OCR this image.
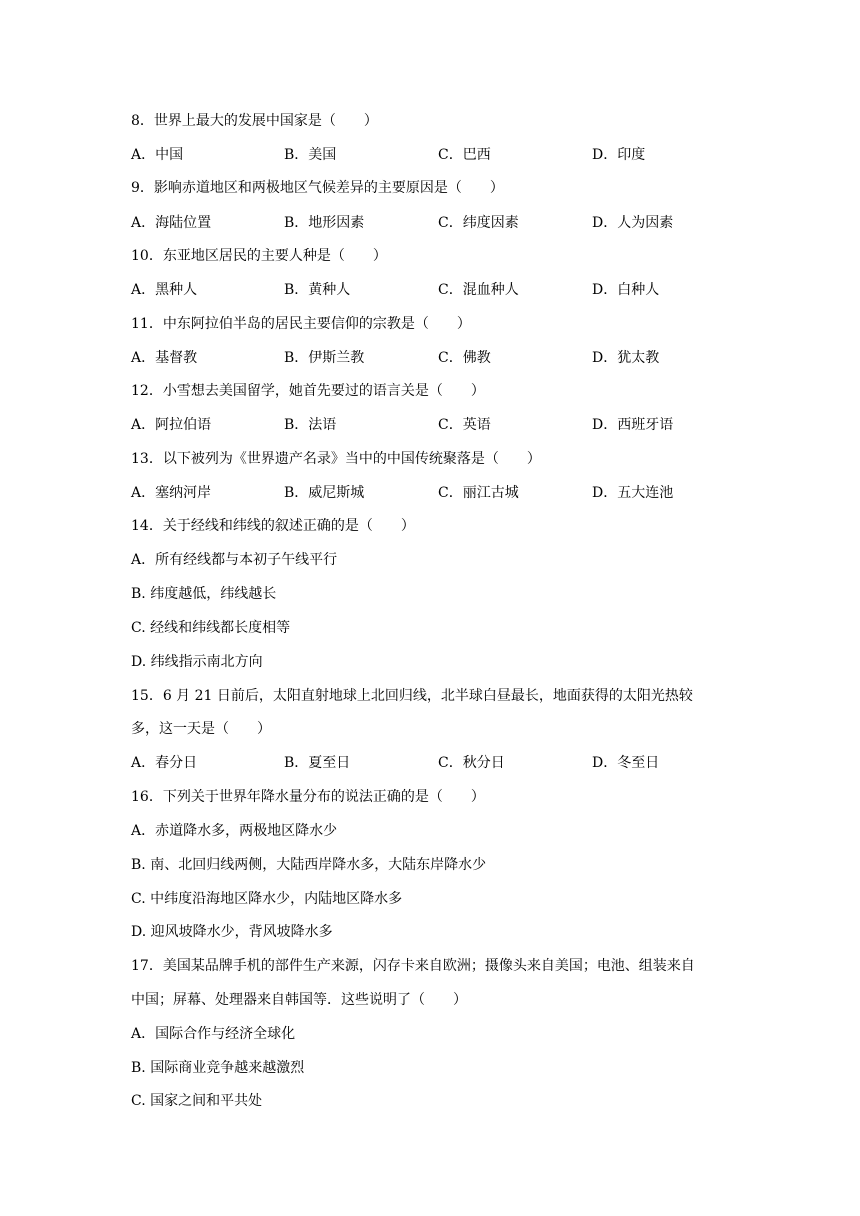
8．世界上最大的发展中国家是（　　）
A．中国	B．美国	C．巴西	D．印度
9．影响赤道地区和两极地区气候差异的主要原因是（　　）
A．海陆位置	B．地形因素	C．纬度因素	D．人为因素
10．东亚地区居民的主要人种是（　　）
A．黑种人	B．黄种人	C．混血种人	D．白种人
11．中东阿拉伯半岛的居民主要信仰的宗教是（　　）
A．基督教	B．伊斯兰教	C．佛教	D．犹太教
12．小雪想去美国留学，她首先要过的语言关是（　　）
A．阿拉伯语	B．法语	C．英语	D．西班牙语
13．以下被列为《世界遗产名录》当中的中国传统聚落是（　　）
A．塞纳河岸	B．威尼斯城	C．丽江古城	D．五大连池
14．关于经线和纬线的叙述正确的是（　　）
A．所有经线都与本初子午线平行
B. 纬度越低，纬线越长
C. 经线和纬线都长度相等
D. 纬线指示南北方向
15．6 月 21 日前后，太阳直射地球上北回归线，北半球白昼最长，地面获得的太阳光热较
多，这一天是（　　）
A．春分日	B．夏至日	C．秋分日	D．冬至日
16．下列关于世界年降水量分布的说法正确的是（　　）
A．赤道降水多，两极地区降水少
B. 南、北回归线两侧，大陆西岸降水多，大陆东岸降水少
C. 中纬度沿海地区降水少，内陆地区降水多
D. 迎风坡降水少，背风坡降水多
17．美国某品牌手机的部件生产来源，闪存卡来自欧洲；摄像头来自美国；电池、组装来自
中国；屏幕、处理器来自韩国等．这些说明了（　　）
A．国际合作与经济全球化
B. 国际商业竞争越来越激烈
C. 国家之间和平共处
